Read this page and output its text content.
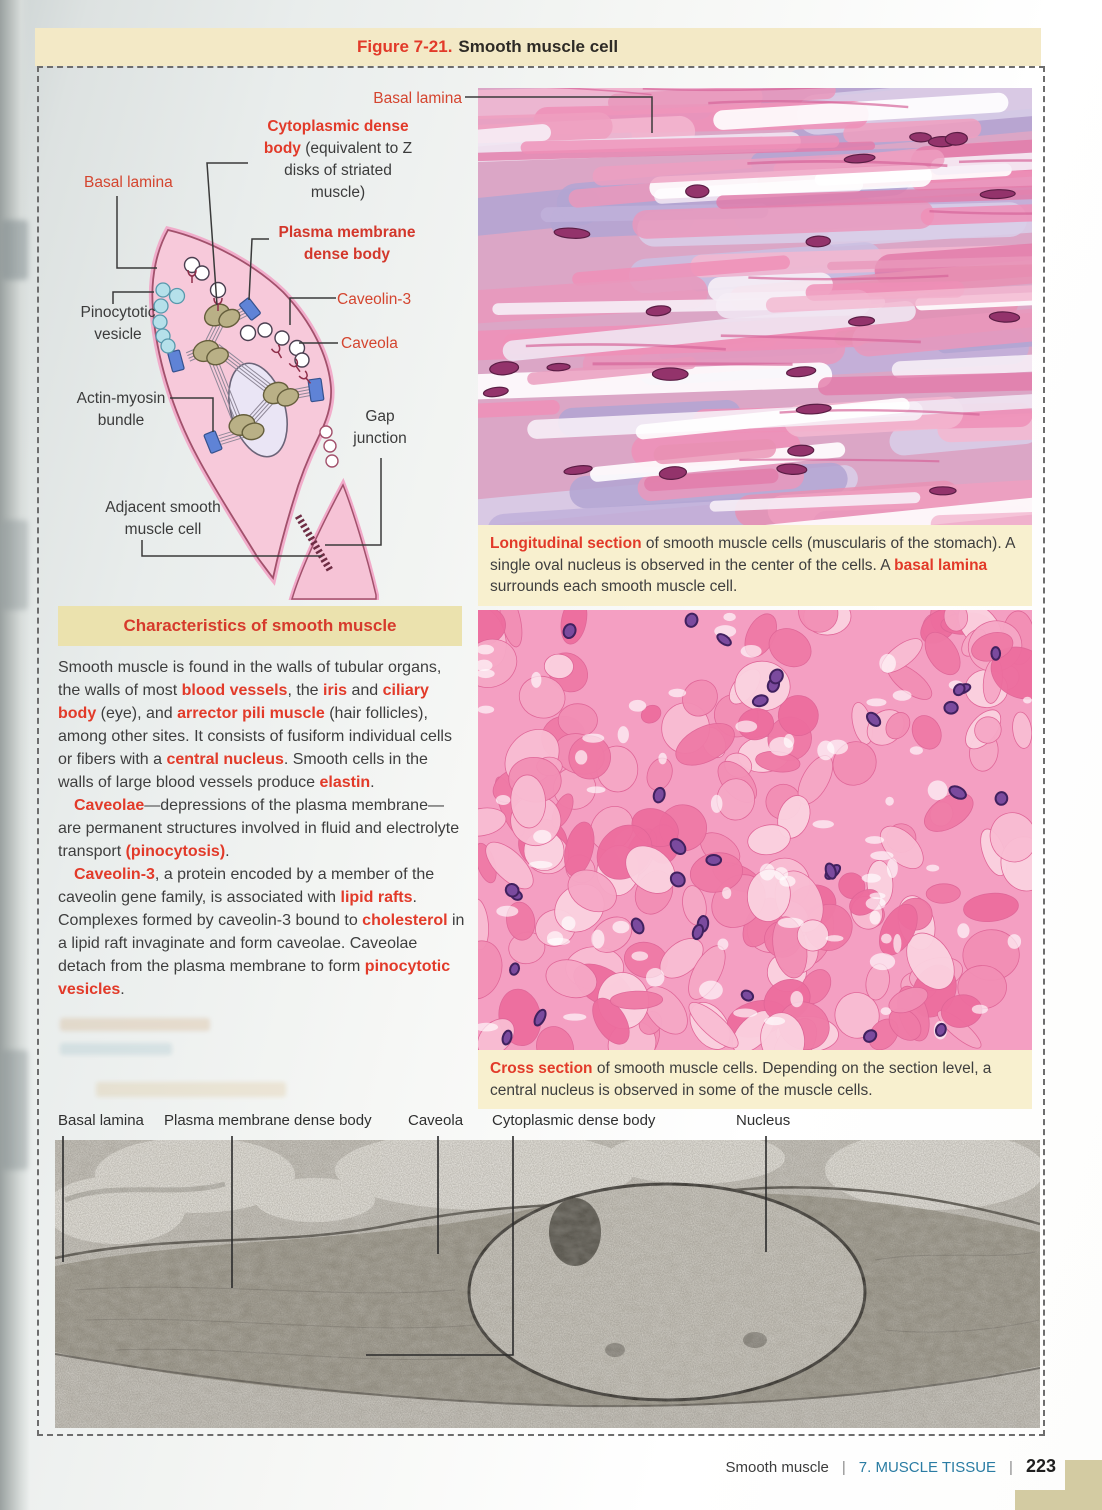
Figure 7-21. Smooth muscle cell
Basal lamina
Cytoplasmic dense
body (equivalent to Z
disks of striated
muscle)
Basal lamina
Plasma membrane
dense body
Caveolin-3
Caveola
Pinocytotic
vesicle
Actin-myosin
bundle	Gap
junction
Adjacent smooth
muscle cell
Longitudinal section of smooth muscle cells (muscularis of the stomach). A single oval nucleus is observed in the center of the cells. A basal lamina surrounds each smooth muscle cell.
Cross section of smooth muscle cells. Depending on the section level, a central nucleus is observed in some of the muscle cells.
Characteristics of smooth muscle

Smooth muscle is found in the walls of tubular organs, the walls of most blood vessels, the iris and ciliary body (eye), and arrector pili muscle (hair follicles), among other sites. It consists of fusiform individual cells or fibers with a central nucleus. Smooth cells in the walls of large blood vessels produce elastin.

Caveolae—depressions of the plasma membrane—are permanent structures involved in fluid and electrolyte transport (pinocytosis).

Caveolin-3, a protein encoded by a member of the caveolin gene family, is associated with lipid rafts. Complexes formed by caveolin-3 bound to cholesterol in a lipid raft invaginate and form caveolae. Caveolae detach from the plasma membrane to form pinocytotic vesicles.

Basal lamina Plasma membrane dense body Caveola Cytoplasmic dense body	Nucleus
Smooth muscle | 7. MUSCLE TISSUE | 223
